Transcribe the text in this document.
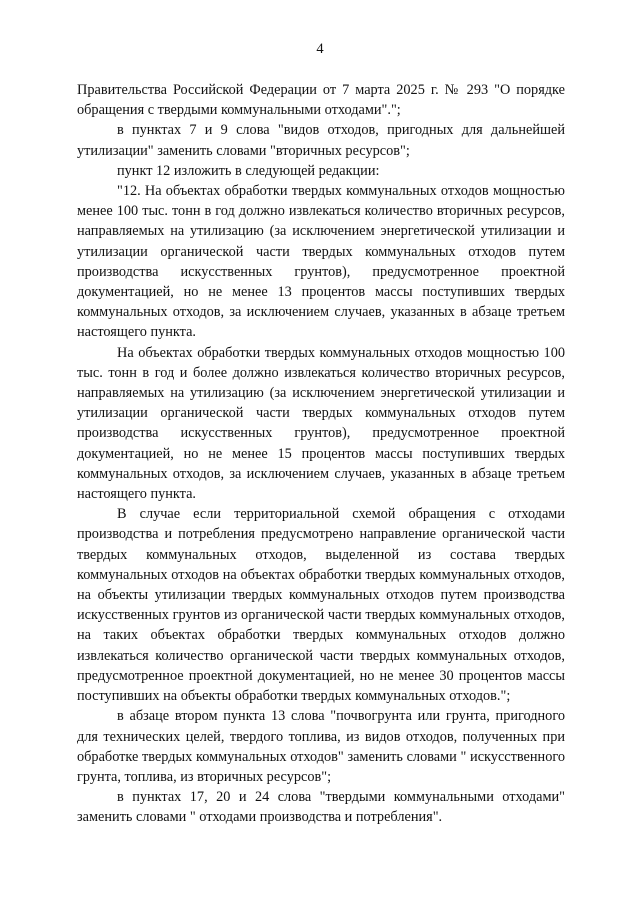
4

Правительства Российской Федерации от 7 марта 2025 г. № 293 "О порядке обращения с твердыми коммунальными отходами".";

в пунктах 7 и 9 слова "видов отходов, пригодных для дальнейшей утилизации" заменить словами "вторичных ресурсов";

пункт 12 изложить в следующей редакции:

"12. На объектах обработки твердых коммунальных отходов мощностью менее 100 тыс. тонн в год должно извлекаться количество вторичных ресурсов, направляемых на утилизацию (за исключением энергетической утилизации и утилизации органической части твердых коммунальных отходов путем производства искусственных грунтов), предусмотренное проектной документацией, но не менее 13 процентов массы поступивших твердых коммунальных отходов, за исключением случаев, указанных в абзаце третьем настоящего пункта.

На объектах обработки твердых коммунальных отходов мощностью 100 тыс. тонн в год и более должно извлекаться количество вторичных ресурсов, направляемых на утилизацию (за исключением энергетической утилизации и утилизации органической части твердых коммунальных отходов путем производства искусственных грунтов), предусмотренное проектной документацией, но не менее 15 процентов массы поступивших твердых коммунальных отходов, за исключением случаев, указанных в абзаце третьем настоящего пункта.

В случае если территориальной схемой обращения с отходами производства и потребления предусмотрено направление органической части твердых коммунальных отходов, выделенной из состава твердых коммунальных отходов на объектах обработки твердых коммунальных отходов, на объекты утилизации твердых коммунальных отходов путем производства искусственных грунтов из органической части твердых коммунальных отходов, на таких объектах обработки твердых коммунальных отходов должно извлекаться количество органической части твердых коммунальных отходов, предусмотренное проектной документацией, но не менее 30 процентов массы поступивших на объекты обработки твердых коммунальных отходов.";

в абзаце втором пункта 13 слова "почвогрунта или грунта, пригодного для технических целей, твердого топлива, из видов отходов, полученных при обработке твердых коммунальных отходов" заменить словами " искусственного грунта, топлива, из вторичных ресурсов";

в пунктах 17, 20 и 24 слова "твердыми коммунальными отходами" заменить словами " отходами производства и потребления".
